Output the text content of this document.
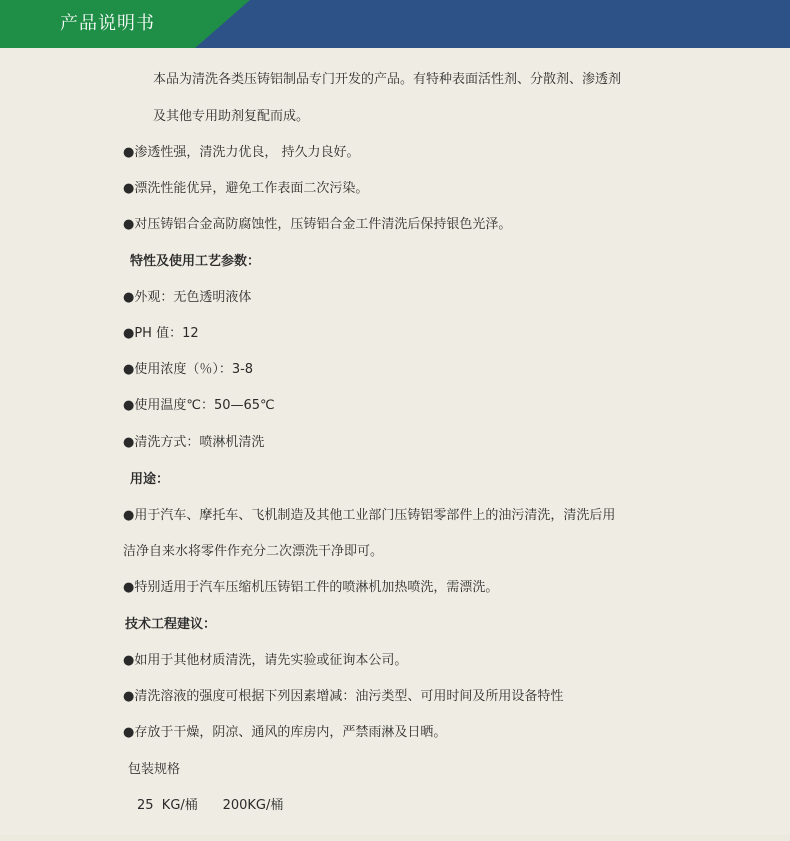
产品说明书
本品为清洗各类压铸铝制品专门开发的产品。有特种表面活性剂、分散剂、渗透剂
及其他专用助剂复配而成。
●渗透性强，清洗力优良， 持久力良好。
●漂洗性能优异，避免工作表面二次污染。
●对压铸铝合金高防腐蚀性，压铸铝合金工件清洗后保持银色光泽。
特性及使用工艺参数：
●外观：无色透明液体
●PH 值：12
●使用浓度（％）：3-8
●使用温度℃：50—65℃
●清洗方式：喷淋机清洗
用途：
●用于汽车、摩托车、飞机制造及其他工业部门压铸铝零部件上的油污清洗，清洗后用
洁净自来水将零件作充分二次漂洗干净即可。
●特别适用于汽车压缩机压铸铝工件的喷淋机加热喷洗，需漂洗。
技术工程建议：
●如用于其他材质清洗，请先实验或征询本公司。
●清洗溶液的强度可根据下列因素增减：油污类型、可用时间及所用设备特性
●存放于干燥，阴凉、通风的库房内，严禁雨淋及日晒。
包装规格
25  KG/桶      200KG/桶
